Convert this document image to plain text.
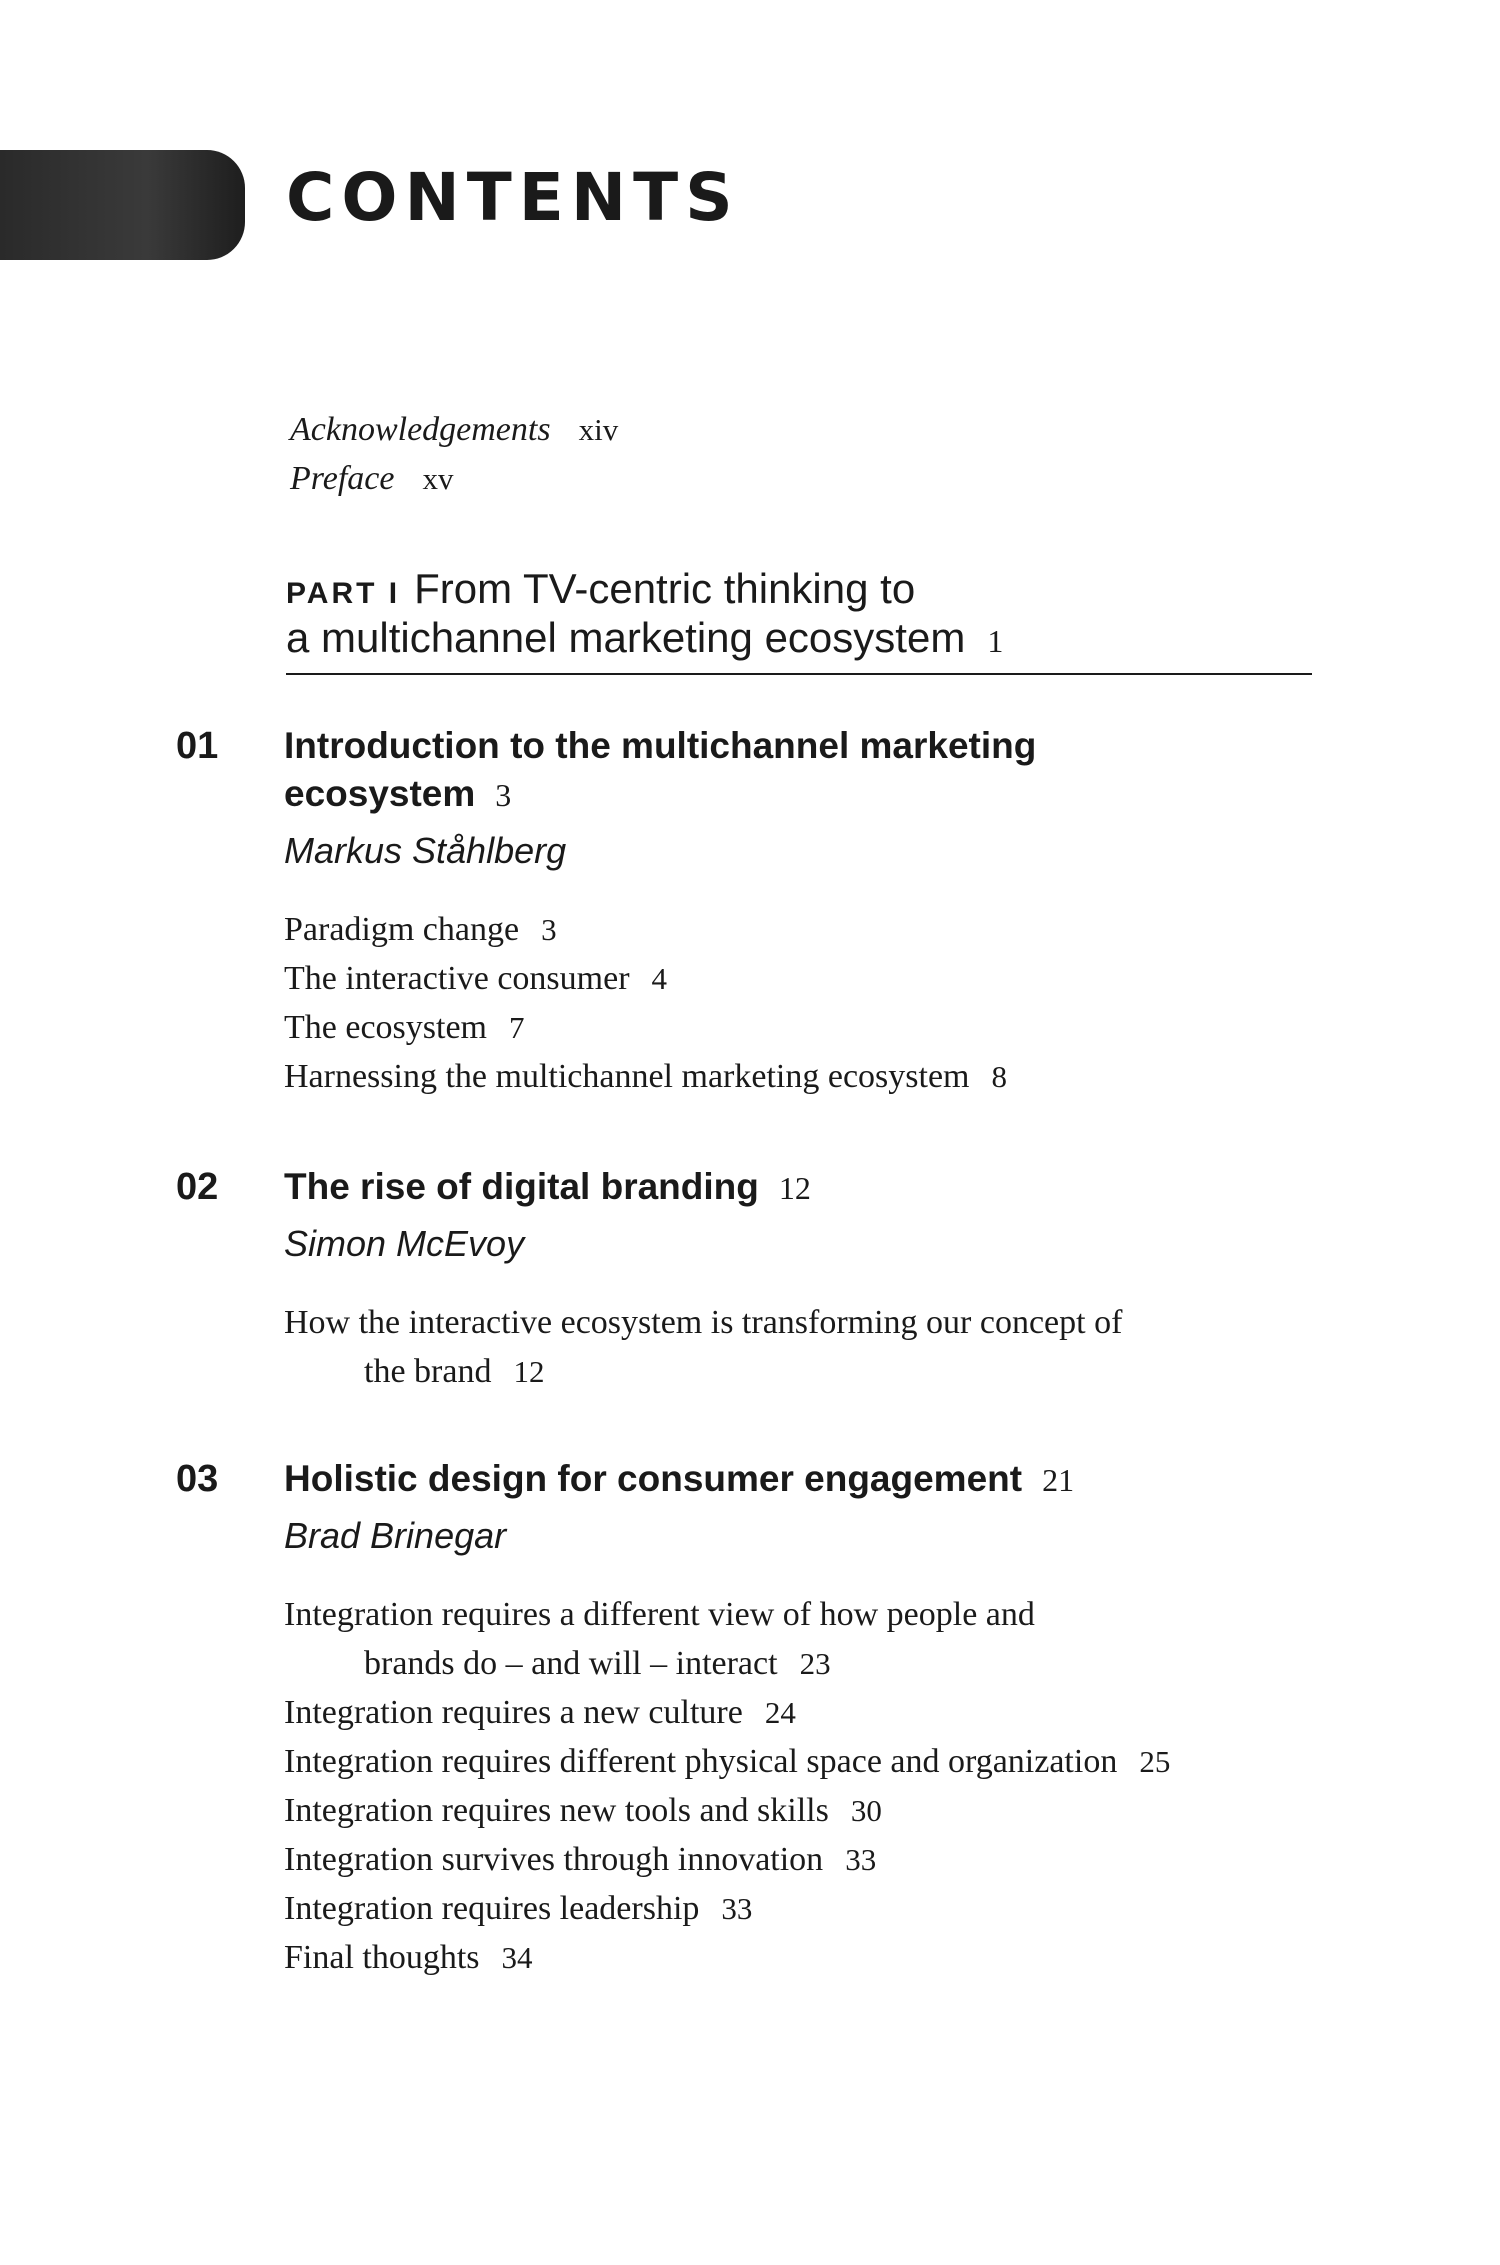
CONTENTS
Acknowledgements xiv
Preface xv
PART I From TV-centric thinking to
a multichannel marketing ecosystem 1
01 Introduction to the multichannel marketing
ecosystem 3
Markus Ståhlberg
Paradigm change 3
The interactive consumer 4
The ecosystem 7
Harnessing the multichannel marketing ecosystem 8
02 The rise of digital branding 12
Simon McEvoy
How the interactive ecosystem is transforming our concept of
the brand 12
03 Holistic design for consumer engagement 21
Brad Brinegar
Integration requires a different view of how people and
brands do – and will – interact 23
Integration requires a new culture 24
Integration requires different physical space and organization 25
Integration requires new tools and skills 30
Integration survives through innovation 33
Integration requires leadership 33
Final thoughts 34
